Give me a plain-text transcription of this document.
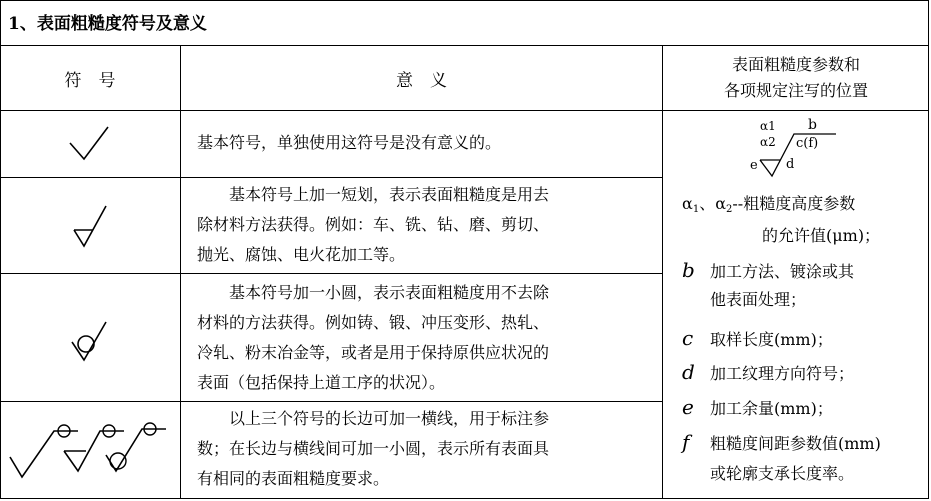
1、表面粗糙度符号及意义
符　号	意　义
表面粗糙度参数和
各项规定注写的位置

基本符号，单独使用这符号是没有意义的。

基本符号上加一短划，表示表面粗糙度是用去

除材料方法获得。例如：车、铣、钻、磨、剪切、

抛光、腐蚀、电火花加工等。

基本符号加一小圆，表示表面粗糙度用不去除

材料的方法获得。例如铸、锻、冲压变形、热轧、

冷轧、粉末冶金等，或者是用于保持原供应状况的

表面（包括保持上道工序的状况）。

以上三个符号的长边可加一横线，用于标注参

数；在长边与横线间可加一小圆，表示所有表面具

有相同的表面粗糙度要求。

α1
α2
b
c(f)
e d
$\alpha_1$、$\alpha_2--$粗糙度高度参数
的允许值(μm)；
b 加工方法、镀涂或其
他表面处理；
c 取样长度(mm)；
d 加工纹理方向符号；
e 加工余量(mm)；
f 粗糙度间距参数值(mm)
或轮廓支承长度率。
